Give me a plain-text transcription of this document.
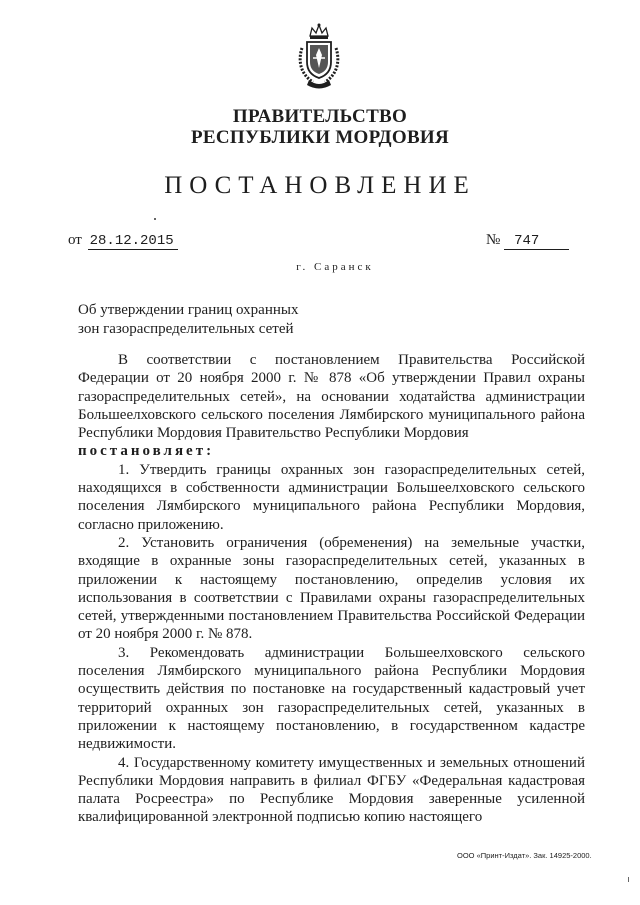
ПРАВИТЕЛЬСТВО
РЕСПУБЛИКИ МОРДОВИЯ
ПОСТАНОВЛЕНИЕ
от 28.12.2015	№ 747
г. Саранск
Об утверждении границ охранных
зон газораспределительных сетей

В соответствии с постановлением Правительства Российской Федерации от 20 ноября 2000 г. № 878 «Об утверждении Правил охраны газораспределительных сетей», на основании ходатайства администрации Большеелховского сельского поселения Лямбирского муниципального района Республики Мордовия Правительство Республики Мордовия

постановляет:

1. Утвердить границы охранных зон газораспределительных сетей, находящихся в собственности администрации Большеелховского сельского поселения Лямбирского муниципального района Республики Мордовия, согласно приложению.

2. Установить ограничения (обременения) на земельные участки, входящие в охранные зоны газораспределительных сетей, указанных в приложении к настоящему постановлению, определив условия их использования в соответствии с Правилами охраны газораспределительных сетей, утвержденными постановлением Правительства Российской Федерации от 20 ноября 2000 г. № 878.

3. Рекомендовать администрации Большеелховского сельского поселения Лямбирского муниципального района Республики Мордовия осуществить действия по постановке на государственный кадастровый учет территорий охранных зон газораспределительных сетей, указанных в приложении к настоящему постановлению, в государственном кадастре недвижимости.

4. Государственному комитету имущественных и земельных отношений Республики Мордовия направить в филиал ФГБУ «Федеральная кадастровая палата Росреестра» по Республике Мордовия заверенные усиленной квалифицированной электронной подписью копию настоящего

ООО «Принт-Издат». Зак. 14925-2000.
